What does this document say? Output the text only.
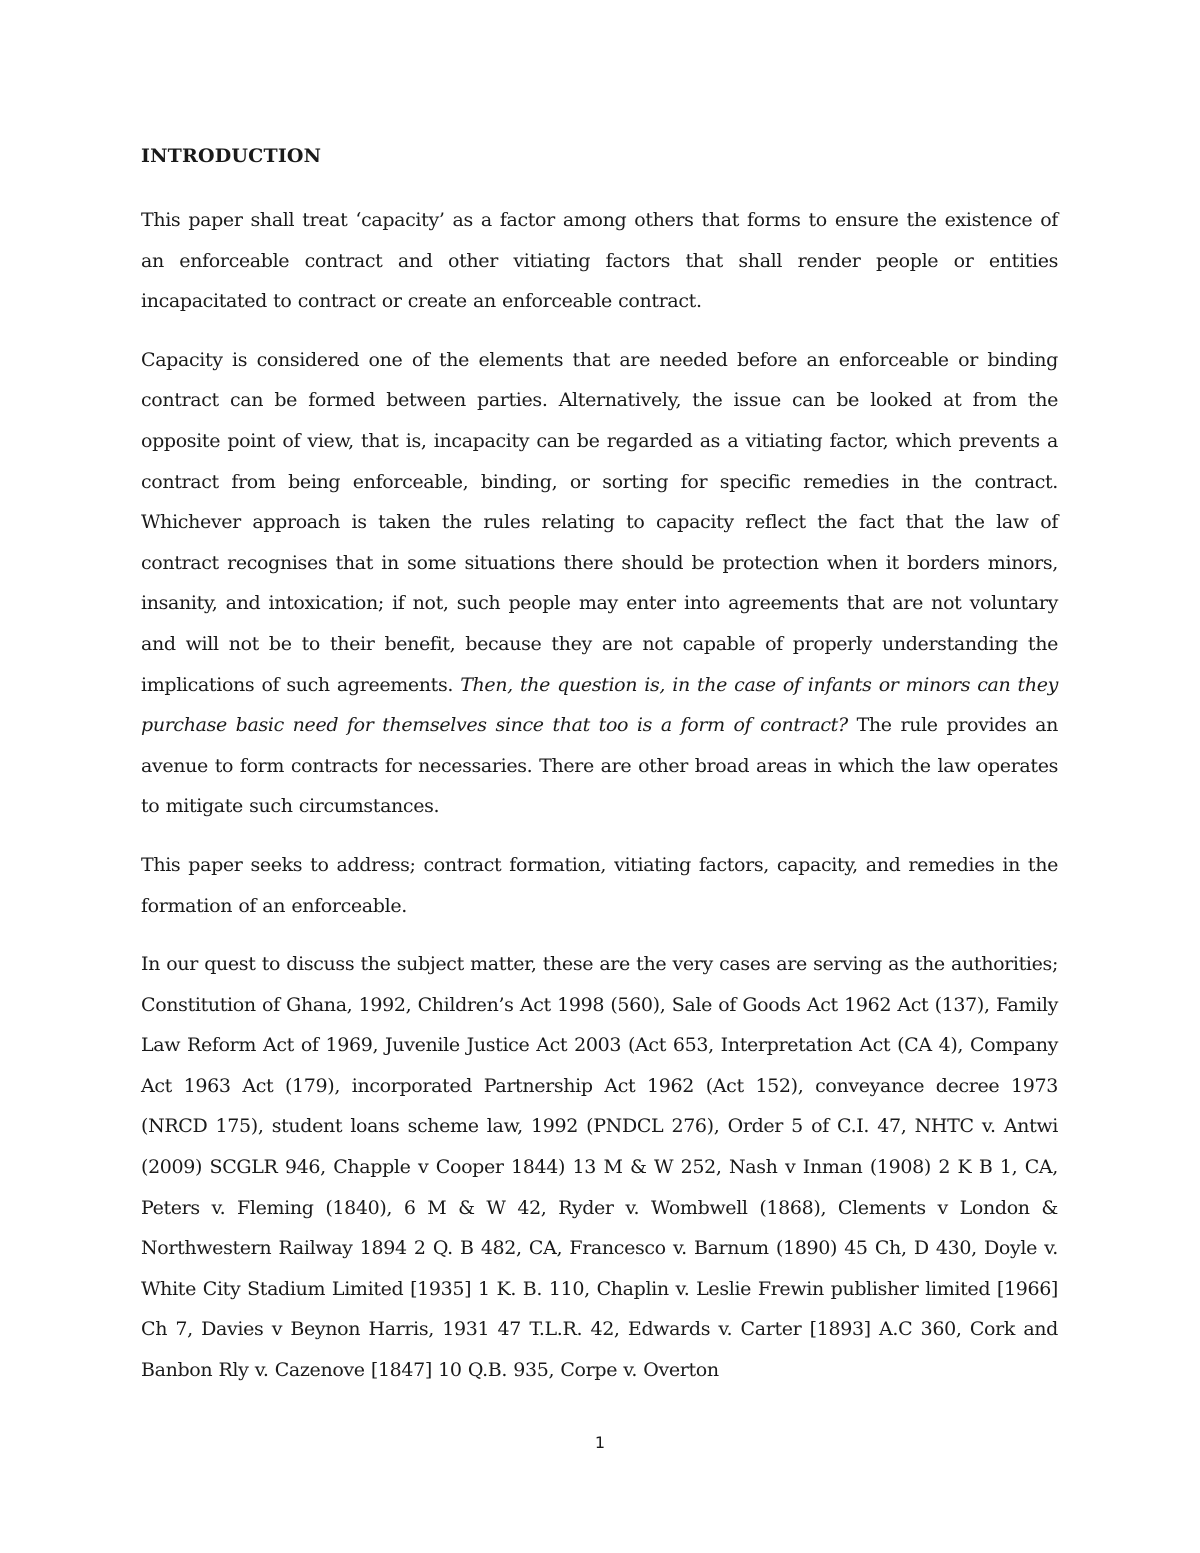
INTRODUCTION

This paper shall treat ‘capacity’ as a factor among others that forms to ensure the existence of an enforceable contract and other vitiating factors that shall render people or entities incapacitated to contract or create an enforceable contract.

Capacity is considered one of the elements that are needed before an enforceable or binding contract can be formed between parties. Alternatively, the issue can be looked at from the opposite point of view, that is, incapacity can be regarded as a vitiating factor, which prevents a contract from being enforceable, binding, or sorting for specific remedies in the contract. Whichever approach is taken the rules relating to capacity reflect the fact that the law of contract recognises that in some situations there should be protection when it borders minors, insanity, and intoxication; if not, such people may enter into agreements that are not voluntary and will not be to their benefit, because they are not capable of properly understanding the implications of such agreements. Then, the question is, in the case of infants or minors can they purchase basic need for themselves since that too is a form of contract? The rule provides an avenue to form contracts for necessaries. There are other broad areas in which the law operates to mitigate such circumstances.

This paper seeks to address; contract formation, vitiating factors, capacity, and remedies in the formation of an enforceable.

In our quest to discuss the subject matter, these are the very cases are serving as the authorities; Constitution of Ghana, 1992, Children’s Act 1998 (560), Sale of Goods Act 1962 Act (137), Family Law Reform Act of 1969, Juvenile Justice Act 2003 (Act 653, Interpretation Act (CA 4), Company Act 1963 Act (179), incorporated Partnership Act 1962 (Act 152), conveyance decree 1973 (NRCD 175), student loans scheme law, 1992 (PNDCL 276), Order 5 of C.I. 47, NHTC v. Antwi (2009) SCGLR 946, Chapple v Cooper 1844) 13 M & W 252, Nash v Inman (1908) 2 K B 1, CA, Peters v. Fleming (1840), 6 M & W 42, Ryder v. Wombwell (1868), Clements v London & Northwestern Railway 1894 2 Q. B 482, CA, Francesco v. Barnum (1890) 45 Ch, D 430, Doyle v. White City Stadium Limited [1935] 1 K. B. 110, Chaplin v. Leslie Frewin publisher limited [1966] Ch 7, Davies v Beynon Harris, 1931 47 T.L.R. 42, Edwards v. Carter [1893] A.C 360, Cork and Banbon Rly v. Cazenove [1847] 10 Q.B. 935, Corpe v. Overton

1
